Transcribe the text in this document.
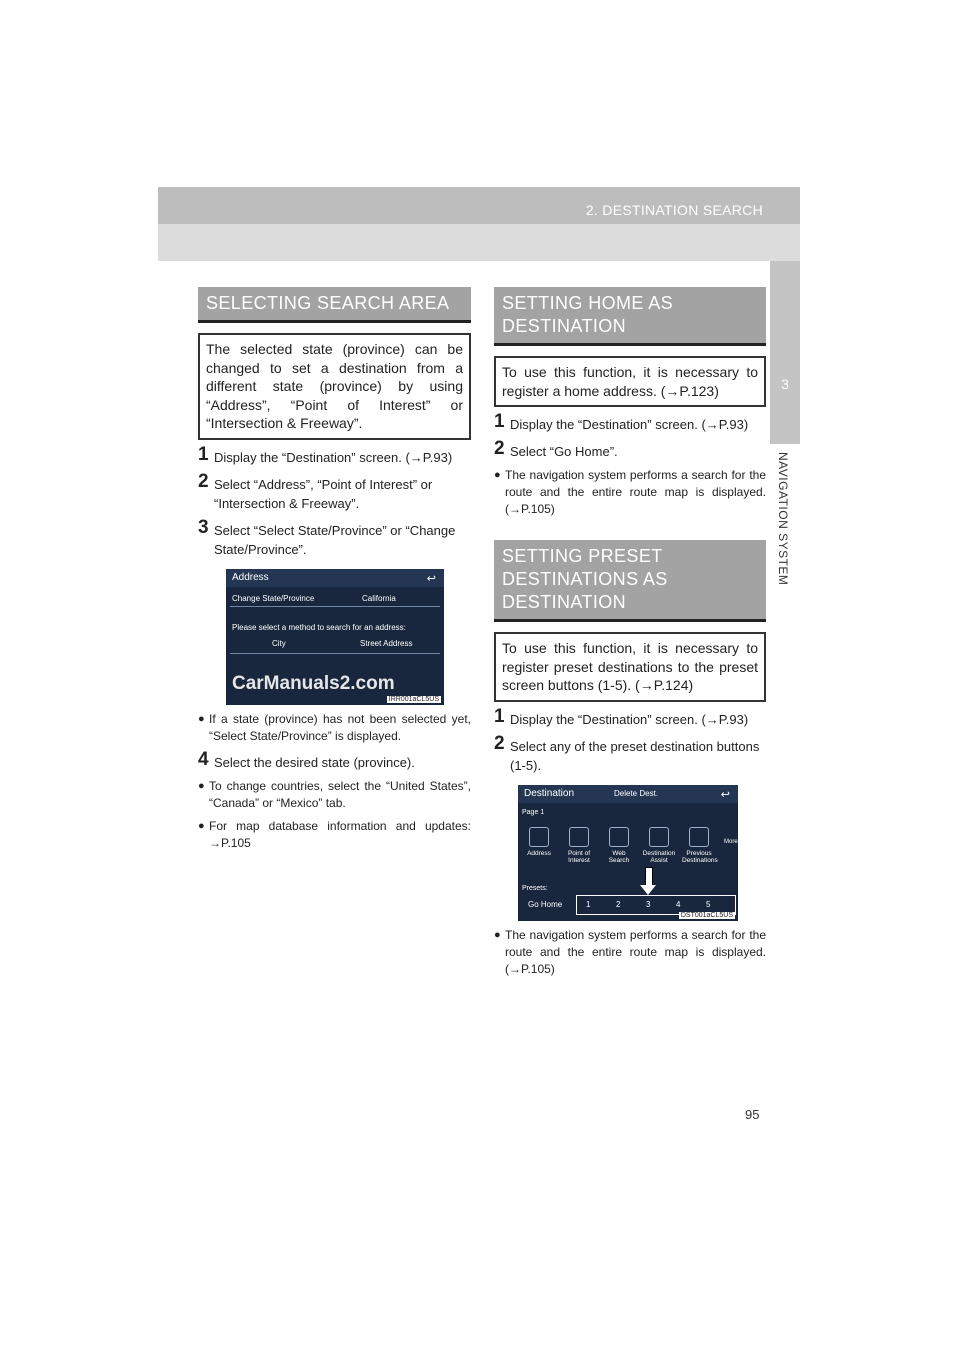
2. DESTINATION SEARCH
3
NAVIGATION SYSTEM
SELECTING SEARCH AREA
The selected state (province) can be changed to set a destination from a different state (province) by using “Address”, “Point of Interest” or “Intersection & Freeway”.
1 Display the “Destination” screen. (→P.93)
2 Select “Address”, “Point of Interest” or “Intersection & Freeway”.
3 Select “Select State/Province” or “Change State/Province”.
Address	↩
Change State/Province	California
Please select a method to search for an address:
City	Street Address
CarManuals2.com
IRR001aCL5US
● If a state (province) has not been selected yet, “Select State/Province” is displayed.
4 Select the desired state (province).
● To change countries, select the “United States”, “Canada” or “Mexico” tab.
● For map database information and updates: →P.105
SETTING HOME AS DESTINATION
To use this function, it is necessary to register a home address. (→P.123)
1 Display the “Destination” screen. (→P.93)
2 Select “Go Home”.
● The navigation system performs a search for the route and the entire route map is displayed. (→P.105)
SETTING PRESET DESTINATIONS AS DESTINATION
To use this function, it is necessary to register preset destinations to the preset screen buttons (1-5). (→P.124)
1 Display the “Destination” screen. (→P.93)
2 Select any of the preset destination buttons (1-5).
Destination	Delete Dest.	↩
Page 1
Address	Point of Interest
Web Search
Destination Assist
Previous Destinations
More
Presets:
Go Home	1	2	3	4	5
DST001aCL5US
● The navigation system performs a search for the route and the entire route map is displayed. (→P.105)
95
